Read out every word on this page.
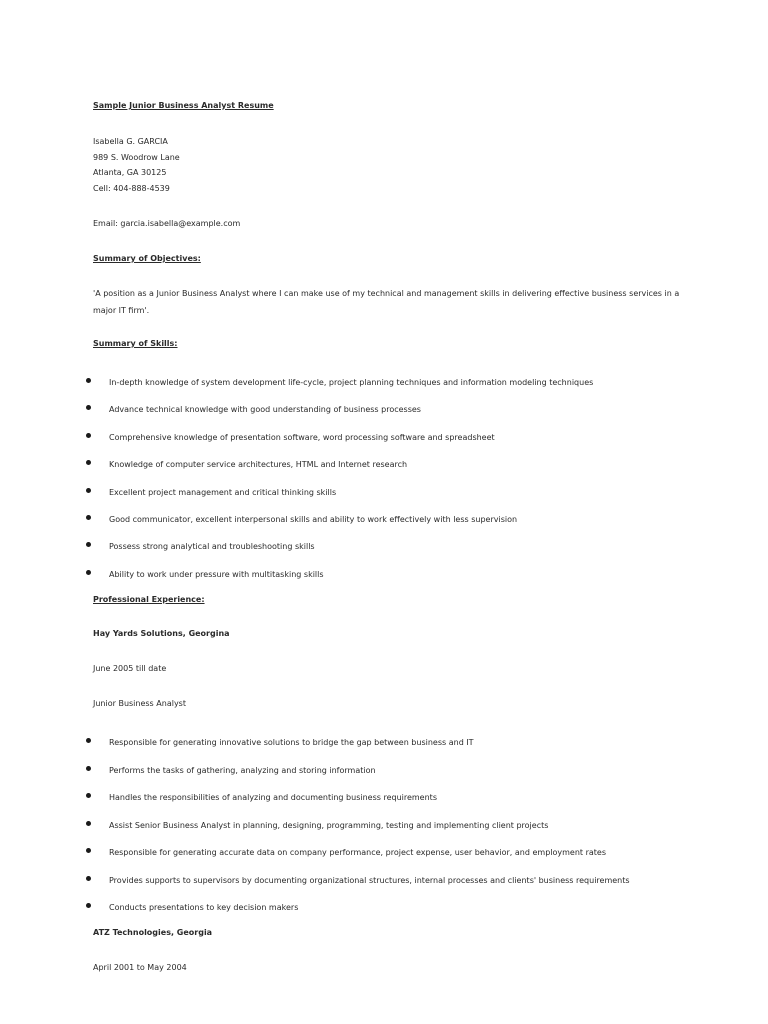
Sample Junior Business Analyst Resume
Isabella G. GARCIA
989 S. Woodrow Lane
Atlanta, GA 30125
Cell: 404-888-4539
Email: garcia.isabella@example.com
Summary of Objectives:
'A position as a Junior Business Analyst where I can make use of my technical and management skills in delivering effective business services in a major IT firm'.
Summary of Skills:
In-depth knowledge of system development life-cycle, project planning techniques and information modeling techniques
Advance technical knowledge with good understanding of business processes
Comprehensive knowledge of presentation software, word processing software and spreadsheet
Knowledge of computer service architectures, HTML and Internet research
Excellent project management and critical thinking skills
Good communicator, excellent interpersonal skills and ability to work effectively with less supervision
Possess strong analytical and troubleshooting skills
Ability to work under pressure with multitasking skills
Professional Experience:
Hay Yards Solutions, Georgina
June 2005 till date
Junior Business Analyst
Responsible for generating innovative solutions to bridge the gap between business and IT
Performs the tasks of gathering, analyzing and storing information
Handles the responsibilities of analyzing and documenting business requirements
Assist Senior Business Analyst in planning, designing, programming, testing and implementing client projects
Responsible for generating accurate data on company performance, project expense, user behavior, and employment rates
Provides supports to supervisors by documenting organizational structures, internal processes and clients' business requirements
Conducts presentations to key decision makers
ATZ Technologies, Georgia
April 2001 to May 2004
